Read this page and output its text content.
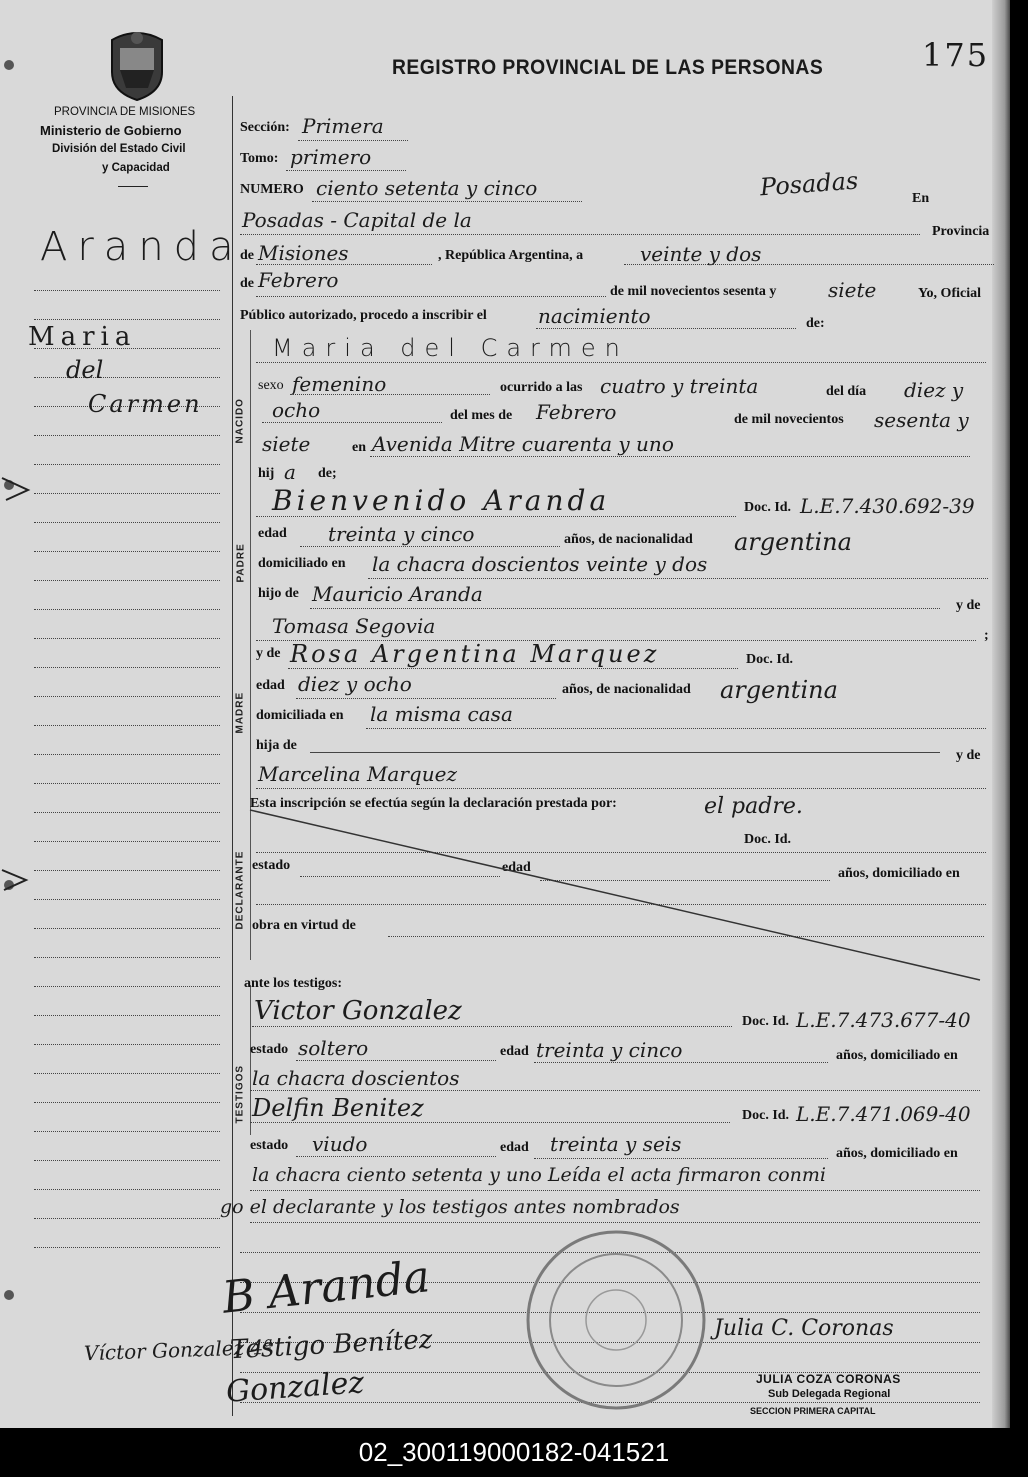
PROVINCIA DE MISIONES
Ministerio de Gobierno
División del Estado Civil
y Capacidad
REGISTRO PROVINCIAL DE LAS PERSONAS	175
Aranda
Maria
del
Carmen	NACIDO
PADRE
MADRE
DECLARANTE
TESTIGOS
Sección: Primera
Tomo: primero
NUMERO ciento setenta y cinco	Posadas	En
Posadas - Capital de la	Provincia
de Misiones	, República Argentina, a	veinte y dos
de Febrero	de mil novecientos sesenta y	siete	Yo, Oficial
Público autorizado, procedo a inscribir el	nacimiento	de:
Maria del Carmen
sexo femenino	ocurrido a las cuatro y treinta	del día diez y
ocho	del mes de Febrero	de mil novecientos sesenta y
siete	en Avenida Mitre cuarenta y uno
hij a de;
Bienvenido Aranda	Doc. Id. L.E.7.430.692-39
edad treinta y cinco	años, de nacionalidad argentina
domiciliado en la chacra doscientos veinte y dos
hijo de Mauricio Aranda	y de
Tomasa Segovia	;
y de Rosa Argentina Marquez	Doc. Id.
edad diez y ocho	años, de nacionalidad argentina
domiciliada en la misma casa
hija de
y de
Marcelina Marquez
Esta inscripción se efectúa según la declaración prestada por:	el padre.
Doc. Id.
estado	edad	años, domiciliado en
obra en virtud de
ante los testigos:
Victor Gonzalez	Doc. Id. L.E.7.473.677-40
estado soltero	edad treinta y cinco	años, domiciliado en
la chacra doscientos
Delfin Benitez	Doc. Id. L.E.7.471.069-40
estado viudo	edad treinta y seis	años, domiciliado en
la chacra ciento setenta y uno Leída el acta firmaron conmi
go el declarante y los testigos antes nombrados
B Aranda
Testigo Benítez
Gonzalez
Víctor Gonzalez 4ª
Julia C. Coronas
JULIA COZA CORONAS
Sub Delegada Regional
SECCION PRIMERA CAPITAL
02_300119000182-041521
